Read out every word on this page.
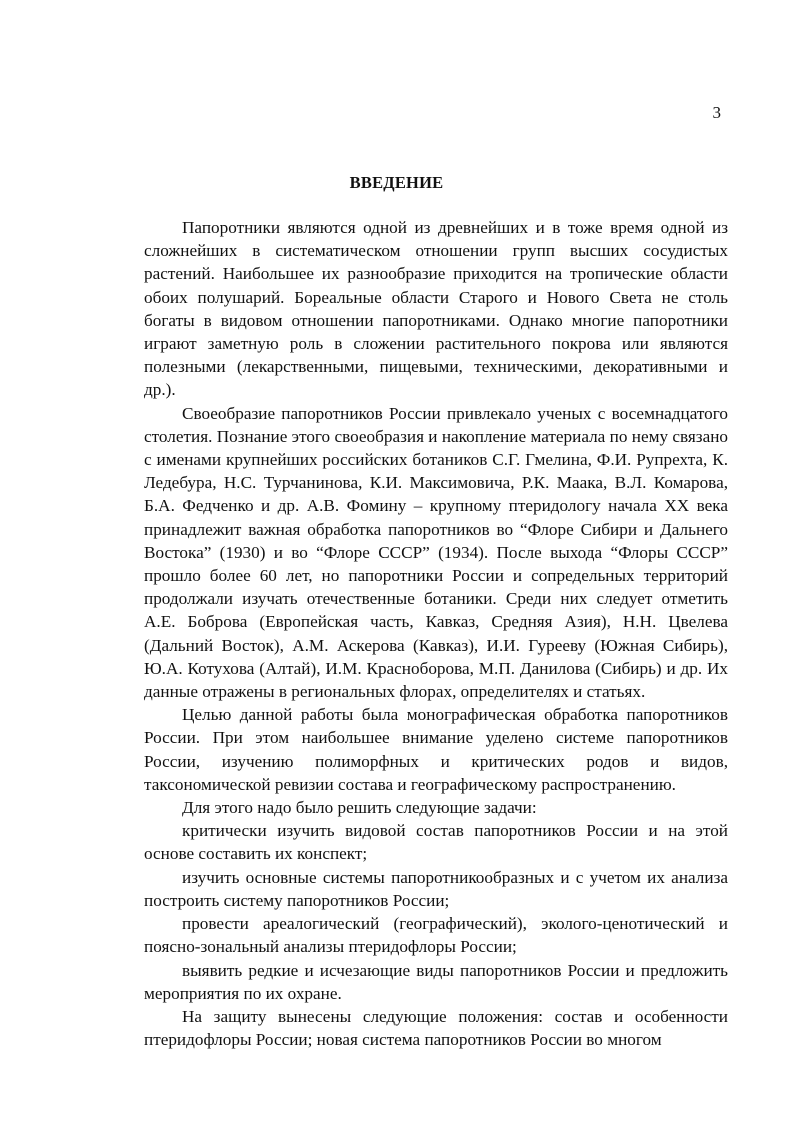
3
ВВЕДЕНИЕ

Папоротники являются одной из древнейших и в тоже время одной из сложнейших в систематическом отношении групп высших сосудистых растений. Наибольшее их разнообразие приходится на тропические области обоих полушарий. Бореальные области Старого и Нового Света не столь богаты в видовом отношении папоротниками. Однако многие папоротники играют заметную роль в сложении растительного покрова или являются полезными (лекарственными, пищевыми, техническими, декоративными и др.).

Своеобразие папоротников России привлекало ученых с восемнадцатого столетия. Познание этого своеобразия и накопление материала по нему связано с именами крупнейших российских ботаников С.Г. Гмелина, Ф.И. Рупрехта, К. Ледебура, Н.С. Турчанинова, К.И. Максимовича, Р.К. Маака, В.Л. Комарова, Б.А. Федченко и др. А.В. Фомину – крупному птеридологу начала XX века принадлежит важная обработка папоротников во “Флоре Сибири и Дальнего Востока” (1930) и во “Флоре СССР” (1934). После выхода “Флоры СССР” прошло более 60 лет, но папоротники России и сопредельных территорий продолжали изучать отечественные ботаники. Среди них следует отметить А.Е. Боброва (Европейская часть, Кавказ, Средняя Азия), Н.Н. Цвелева (Дальний Восток), А.М. Аскерова (Кавказ), И.И. Гурееву (Южная Сибирь), Ю.А. Котухова (Алтай), И.М. Красноборова, М.П. Данилова (Сибирь) и др. Их данные отражены в региональных флорах, определителях и статьях.

Целью данной работы была монографическая обработка папоротников России. При этом наибольшее внимание уделено системе папоротников России, изучению полиморфных и критических родов и видов, таксономической ревизии состава и географическому распространению.

Для этого надо было решить следующие задачи:

критически изучить видовой состав папоротников России и на этой основе составить их конспект;

изучить основные системы папоротникообразных и с учетом их анализа построить систему папоротников России;

провести ареалогический (географический), эколого-ценотический и поясно-зональный анализы птеридофлоры России;

выявить редкие и исчезающие виды папоротников России и предложить мероприятия по их охране.

На защиту вынесены следующие положения: состав и особенности птеридофлоры России; новая система папоротников России во многом
